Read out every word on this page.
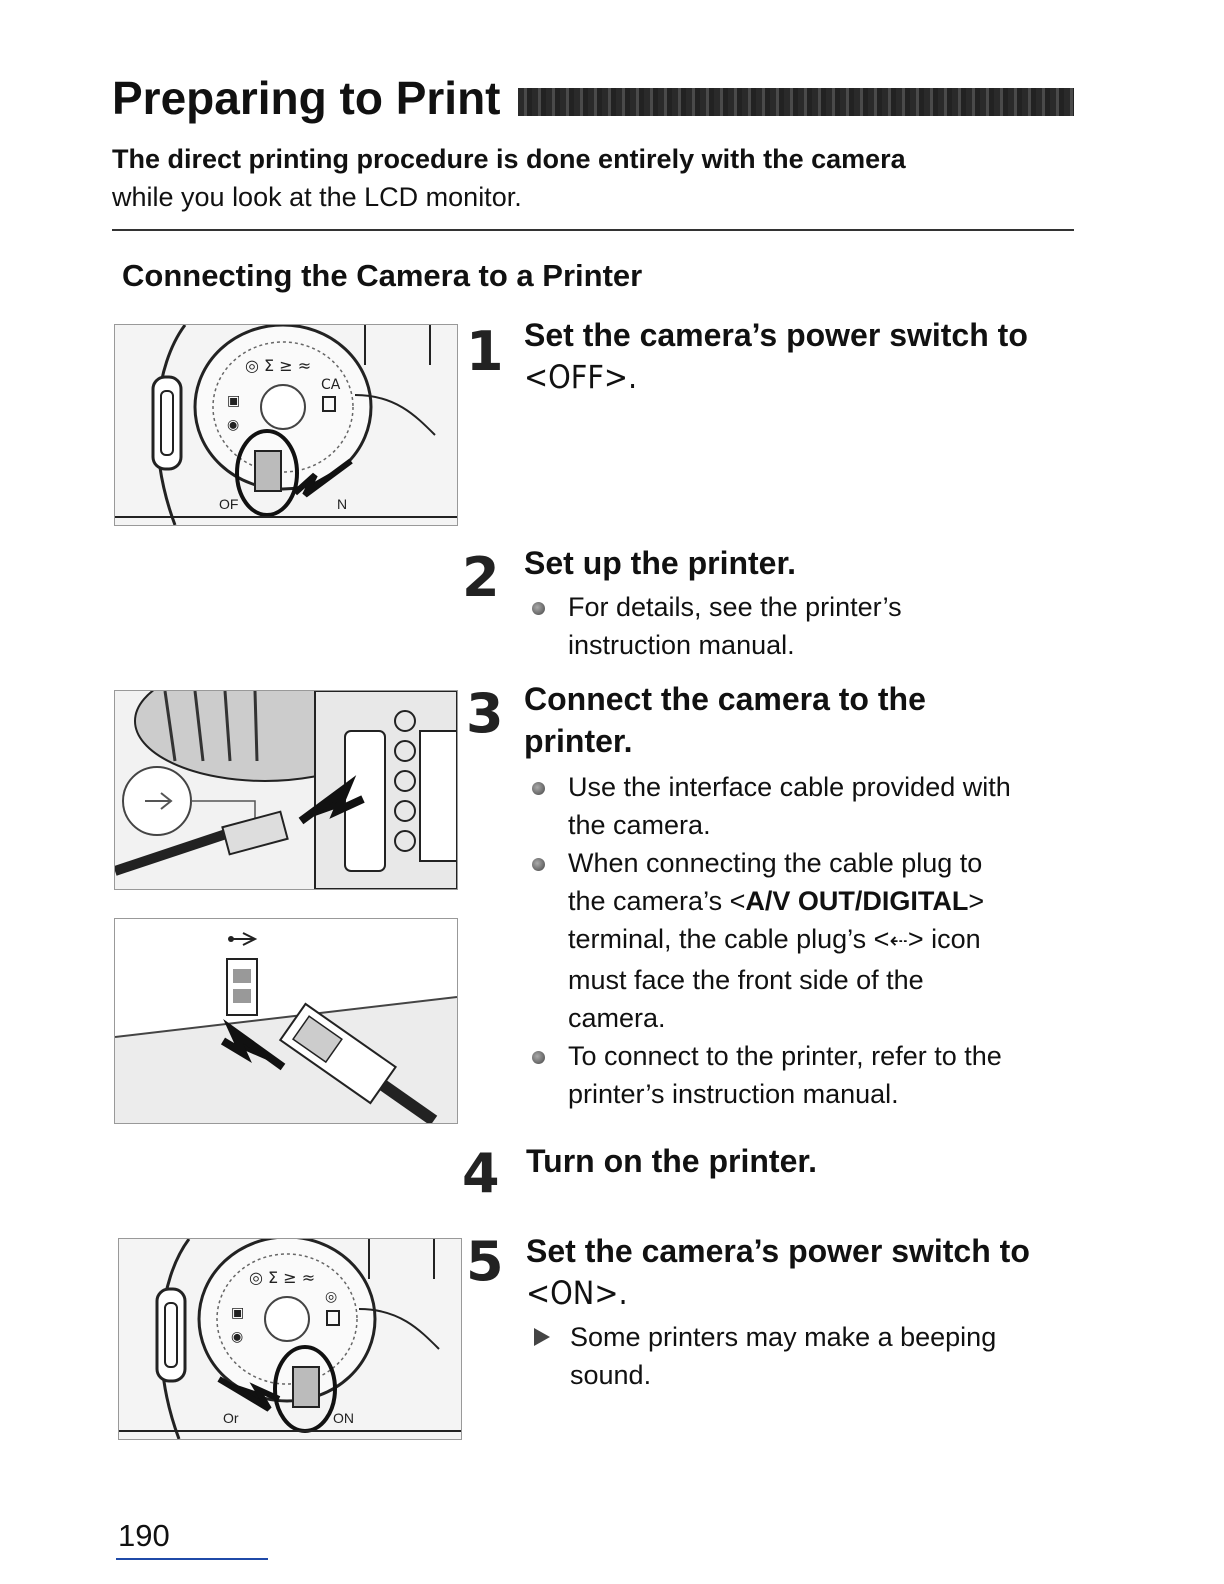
Preparing to Print
The direct printing procedure is done entirely with the camera
while you look at the LCD monitor.
Connecting the Camera to a Printer
◎ Σ ≥ ≈
CA
▣
◉
OF	N
1 Set the camera’s power switch to
<OFF>.
2 Set up the printer.
For details, see the printer’s
instruction manual.
3 Connect the camera to the
printer.
Use the interface cable provided with
the camera.
When connecting the cable plug to
the camera’s <A/V OUT/DIGITAL>
terminal, the cable plug’s <⇠> icon
must face the front side of the
camera.
To connect to the printer, refer to the
printer’s instruction manual.
4 Turn on the printer.
◎ Σ ≥ ≈
◎
▣
◉
Or	ON
5 Set the camera’s power switch to
<ON>.
Some printers may make a beeping
sound.
190
